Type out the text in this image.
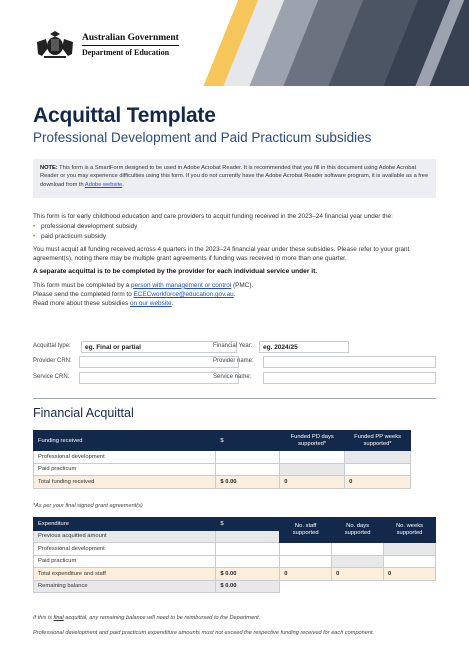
Australian Government
Department of Education
Acquittal Template
Professional Development and Paid Practicum subsidies
NOTE: This form is a SmartForm designed to be used in Adobe Acrobat Reader. It is recommended that you fill in this document using Adobe Acrobat Reader or you may experience difficulties using this form. If you do not currently have the Adobe Acrobat Reader software program, it is available as a free download from th Adobe website.
This form is for early childhood education and care providers to acquit funding received in the 2023–24 financial year under the:
• professional development subsidy
• paid practicum subsidy
You must acquit all funding received across 4 quarters in the 2023–24 financial year under these subsidies. Please refer to your grant agreement(s), noting there may be multiple grant agreements if funding was received in more than one quarter.
A separate acquittal is to be completed by the provider for each individual service under it.
This form must be completed by a person with management or control (PMC).
Please send the completed form to ECECworkforce@education.gov.au.
Read more about these subsidies on our website.
Acquittal type:	eg. Final or partial	Financial Year:	eg. 2024/25
Provider CRN:	Provider name:
Service CRN:	Service name:
Financial Acquittal
Funding received	$	Funded PD days supported*	Funded PP weeks supported*
Professional development			
Paid practicum			
Total funding received	$ 0.00	0	0
*As per your final signed grant agreement(s)
Expenditure	$	No. staff supported	No. days supported	No. weeks supported
Previous acquitted amount				
Professional development				
Paid practicum				
Total expenditure and staff	$ 0.00	0	0	0
Remaining balance	$ 0.00			
If this is final acquittal, any remaining balance will need to be reimbursed to the Department.
Professional development and paid practicum expenditure amounts must not exceed the respective funding received for each component.
